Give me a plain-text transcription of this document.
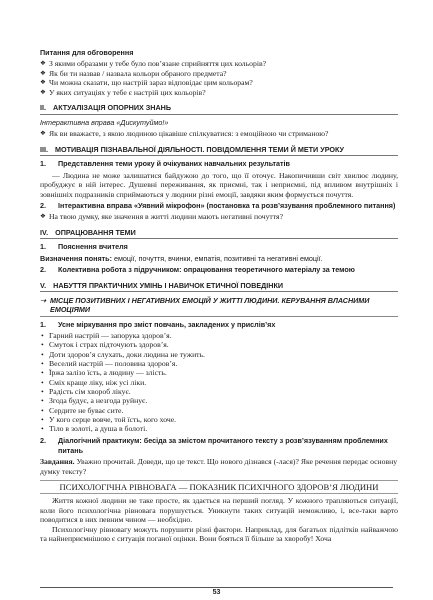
Питання для обговорення
❖ З якими образами у тебе було пов’язане сприйняття цих кольорів?
❖ Як би ти назвав / назвала кольори обраного предмета?
❖ Чи можна сказати, що настрій зараз відповідає цим кольорам?
❖ У яких ситуаціях у тебе є настрій цих кольорів?
II. АКТУАЛІЗАЦІЯ ОПОРНИХ ЗНАНЬ
Інтерактивна вправа «Дискутуймо!»
❖ Як ви вважаєте, з якою людиною цікавіше спілкуватися: з емоційною чи стриманою?
III. МОТИВАЦІЯ ПІЗНАВАЛЬНОЇ ДІЯЛЬНОСТІ. ПОВІДОМЛЕННЯ ТЕМИ Й МЕТИ УРОКУ
1.	Представлення теми уроку й очікуваних навчальних результатів
— Людина не може залишатися байдужою до того, що її оточує. Накопичивши світ хвилює людину, пробуджує в ній інтерес. Душевні переживання, як приємні, так і неприємні, під впливом внутрішніх і зовнішніх подразників сприймаються у людини різні емоції, завдяки яким формується почуття.
2.	Інтерактивна вправа «Уявний мікрофон» (постановка та розв’язування проблемного питання)
❖ На твою думку, яке значення в житті людини мають негативні почуття?
IV. ОПРАЦЮВАННЯ ТЕМИ
1.	Пояснення вчителя
Визначення понять: емоції, почуття, вчинки, емпатія, позитивні та негативні емоції.
2.	Колективна робота з підручником: опрацювання теоретичного матеріалу за темою
V. НАБУТТЯ ПРАКТИЧНИХ УМІНЬ І НАВИЧОК ЕТИЧНОЇ ПОВЕДІНКИ
➝ МІСЦЕ ПОЗИТИВНИХ І НЕГАТИВНИХ ЕМОЦІЙ У ЖИТТІ ЛЮДИНИ. КЕРУВАННЯ ВЛАСНИМИ ЕМОЦІЯМИ
1.	Усне міркування про зміст повчань, закладених у прислів’ях
• Гарний настрій — запорука здоров’я.
• Смуток і страх підточують здоров’я.
• Доти здоров’я слухать, доки людина не тужить.
• Веселий настрій — половина здоров’я.
• Їржа залізо їсть, а людину — злість.
• Сміх краще ліку, ніж усі ліки.
• Радість сім хвороб лікує.
• Згода будує, а незгода руйнує.
• Сердите не буває сите.
• У кого серце вовче, той їсть, кого хоче.
• Тіло в золоті, а душа в болоті.
2.	Діалогічний практикум: бесіда за змістом прочитаного тексту з розв’язуванням проблемних питань
Завдання. Уважно прочитай. Доведи, що це текст. Що нового дізнався (-лася)? Яке речення передає основну думку тексту?
ПСИХОЛОГІЧНА РІВНОВАГА — ПОКАЗНИК ПСИХІЧНОГО ЗДОРОВ’Я ЛЮДИНИ
Життя кожної людини не таке просте, як здається на перший погляд. У кожного трапляються ситуації, коли його психологічна рівновага порушується. Уникнути таких ситуацій неможливо, і, все-таки варто поводитися в них певним чином — необхідно.
Психологічну рівновагу можуть порушити різні фактори. Наприклад, для багатьох підлітків найважчою та найнеприємнішою є ситуація поганої оцінки. Вони бояться її більше за хворобу! Хоча
53
